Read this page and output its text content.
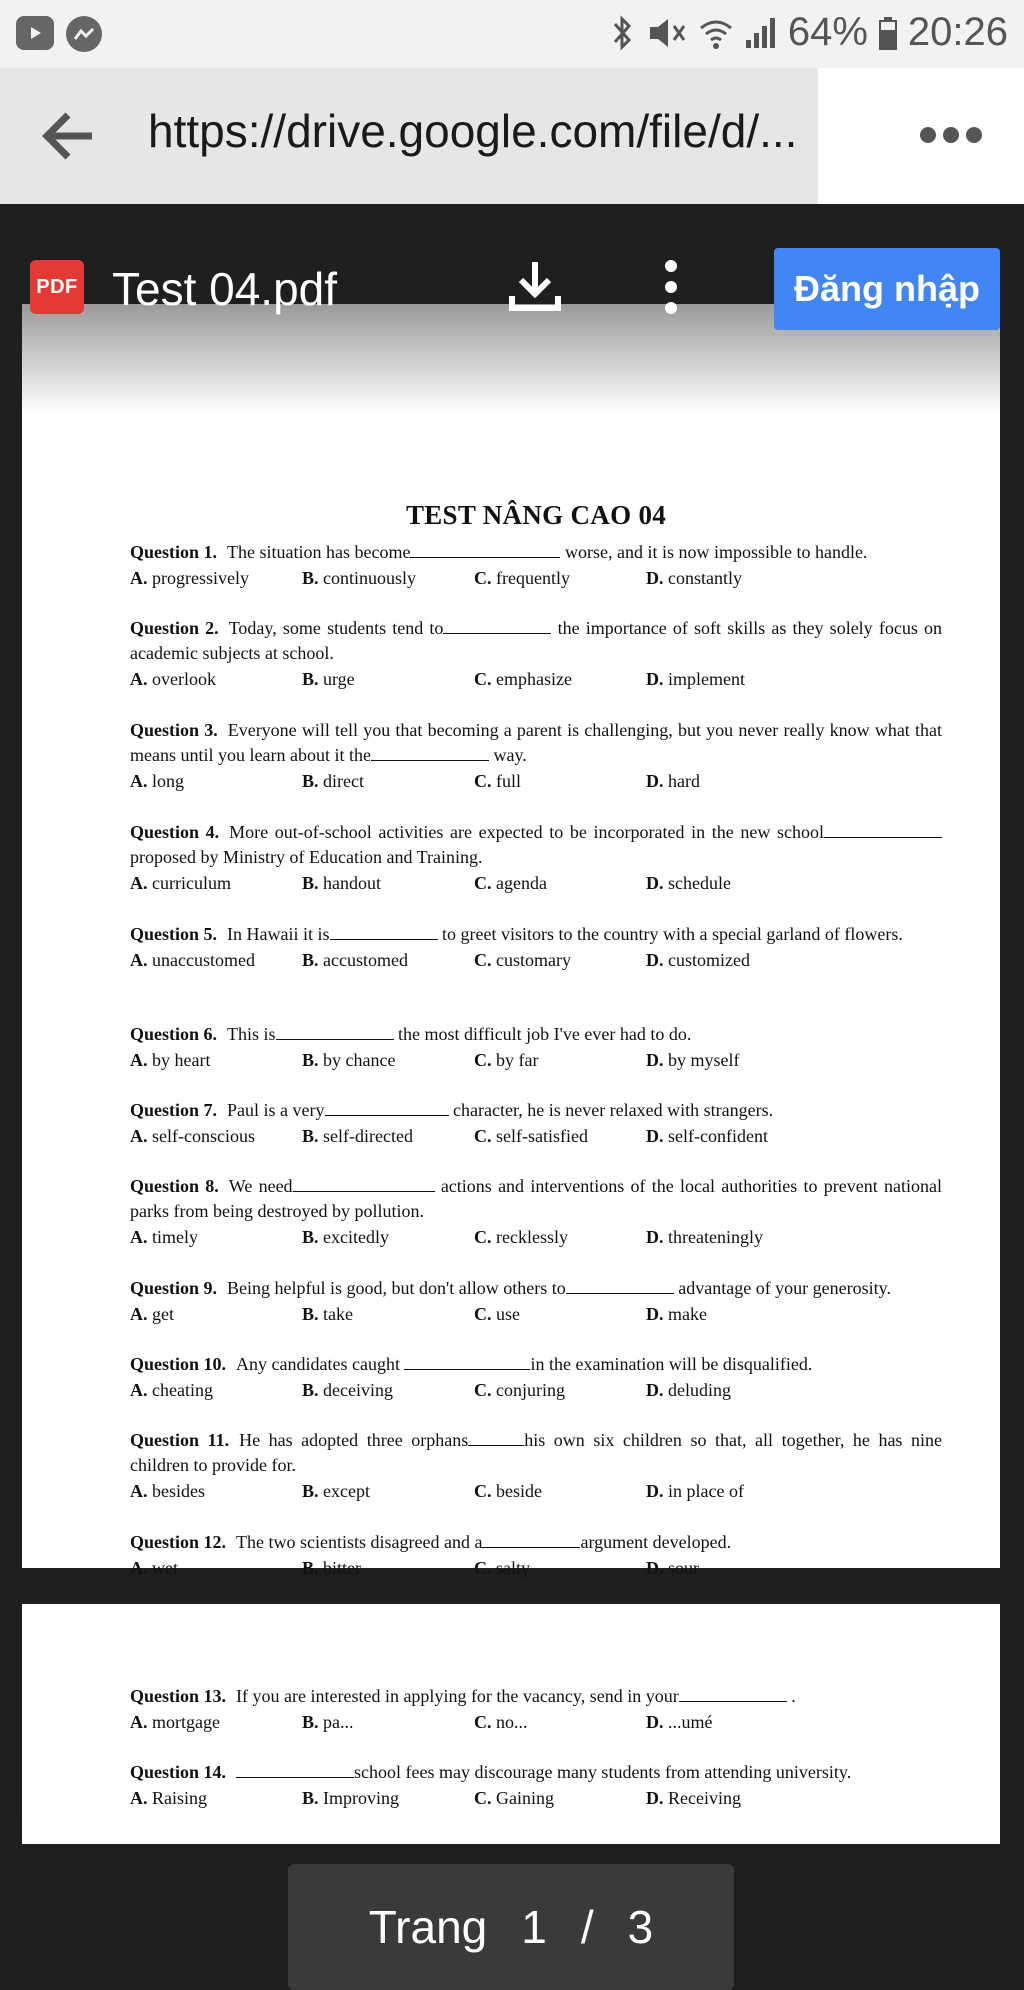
64% 20:26
https://drive.google.com/file/d/...
TEST NÂNG CAO 04
Question 1. The situation has become	worse, and it is now impossible to handle.
A. progressively	B. continuously	C. frequently	D. constantly
Question 2. Today, some students tend to	the importance of soft skills as they solely focus on academic subjects at school.
A. overlook	B. urge	C. emphasize	D. implement
Question 3. Everyone will tell you that becoming a parent is challenging, but you never really know what that means until you learn about it the	way.
A. long	B. direct	C. full	D. hard
Question 4. More out-of-school activities are expected to be incorporated in the new schoolproposed by Ministry of Education and Training.
A. curriculum	B. handout	C. agenda	D. schedule
Question 5. In Hawaii it is	to greet visitors to the country with a special garland of flowers.
A. unaccustomed	B. accustomed	C. customary	D. customized
Question 6. This is	the most difficult job I've ever had to do.
A. by heart	B. by chance	C. by far	D. by myself
Question 7. Paul is a very	character, he is never relaxed with strangers.
A. self-conscious	B. self-directed	C. self-satisfied	D. self-confident
Question 8. We need	actions and interventions of the local authorities to prevent national parks from being destroyed by pollution.
A. timely	B. excitedly	C. recklessly	D. threateningly
Question 9. Being helpful is good, but don't allow others to	advantage of your generosity.
A. get	B. take	C. use	D. make
Question 10. Any candidates caught	in the examination will be disqualified.
A. cheating	B. deceiving	C. conjuring	D. deluding
Question 11. He has adopted three orphans	his own six children so that, all together, he has nine children to provide for.
A. besides	B. except	C. beside	D. in place of
Question 12. The two scientists disagreed and a	argument developed.
A. wet	B. bitter	C. salty	D. sour
Question 13. If you are interested in applying for the vacancy, send in your	.
A. mortgage	B. pa...	C. no...	D. ...umé
Question 14.	school fees may discourage many students from attending university.
A. Raising	B. Improving	C. Gaining	D. Receiving
PDF Test 04.pdf	Đăng nhập
Trang 1 / 3
